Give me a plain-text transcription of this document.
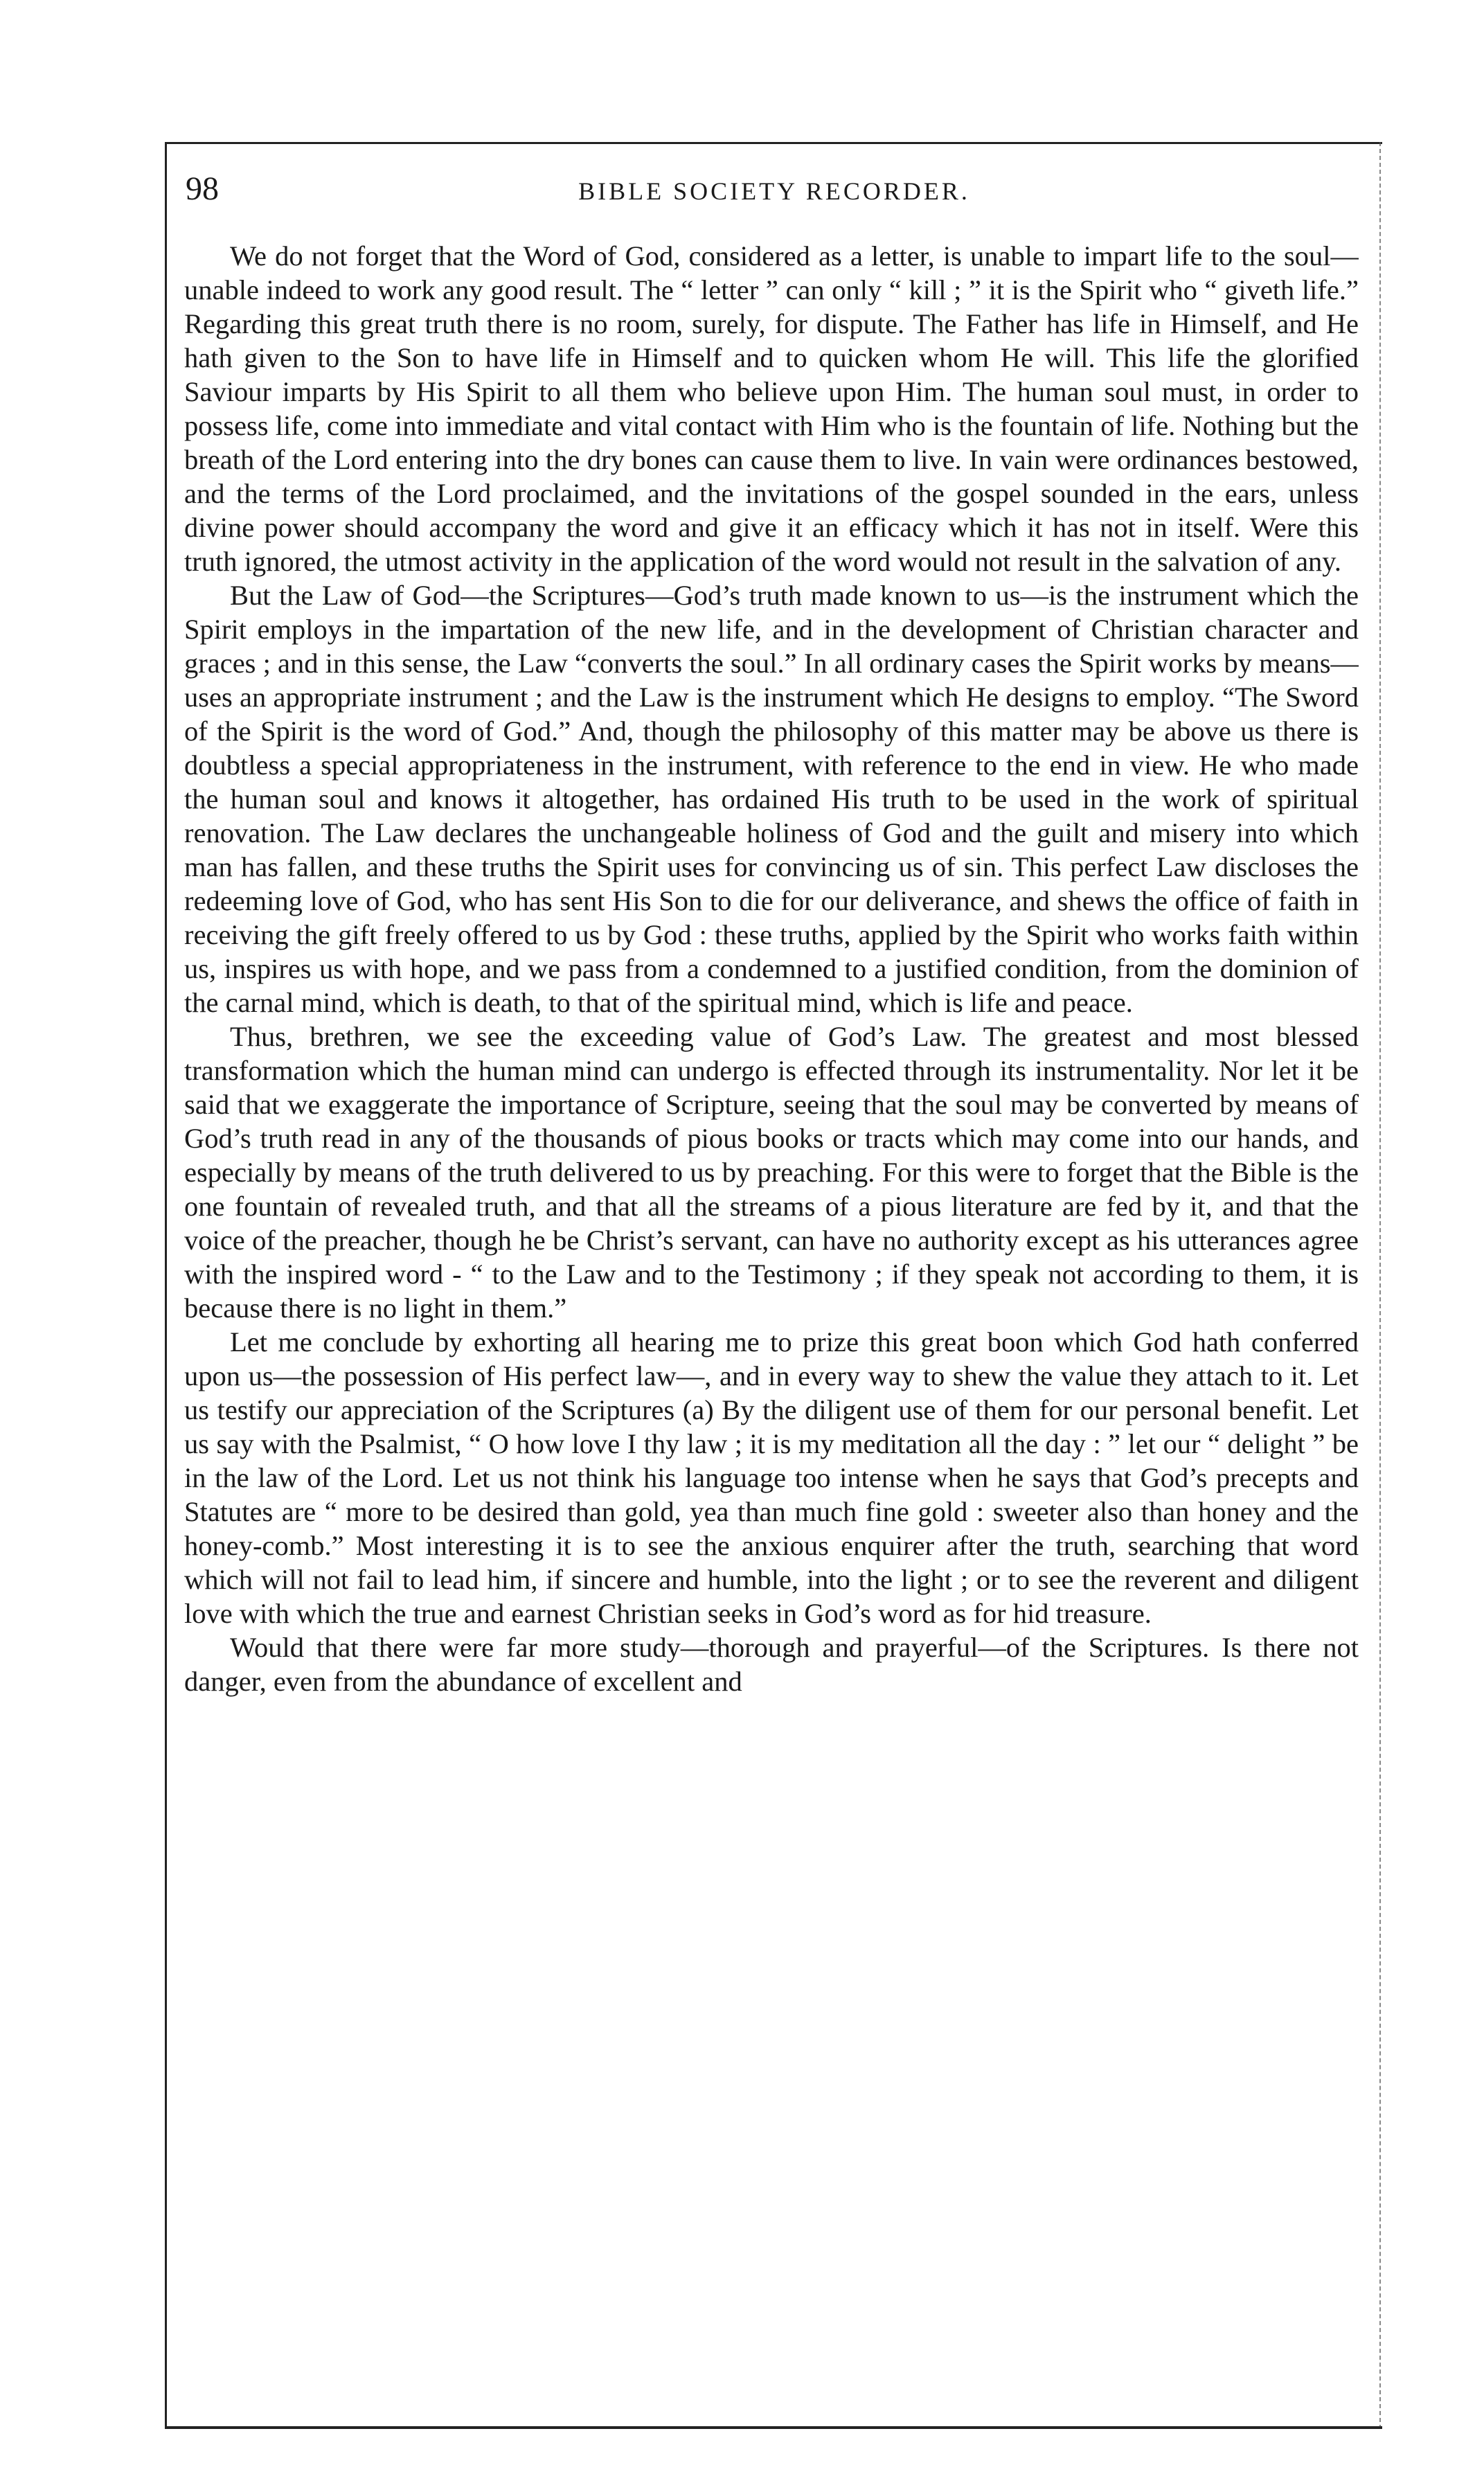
98	BIBLE SOCIETY RECORDER.

We do not forget that the Word of God, considered as a letter, is unable to impart life to the soul—unable indeed to work any good result. The “ letter ” can only “ kill ; ” it is the Spirit who “ giveth life.” Regarding this great truth there is no room, surely, for dispute. The Father has life in Himself, and He hath given to the Son to have life in Himself and to quicken whom He will. This life the glorified Saviour imparts by His Spirit to all them who believe upon Him. The human soul must, in order to possess life, come into immediate and vital contact with Him who is the fountain of life. Nothing but the breath of the Lord entering into the dry bones can cause them to live. In vain were ordinances bestowed, and the terms of the Lord proclaimed, and the invitations of the gospel sounded in the ears, unless divine power should accompany the word and give it an efficacy which it has not in itself. Were this truth ignored, the utmost activity in the application of the word would not result in the salvation of any.

But the Law of God—the Scriptures—God’s truth made known to us—is the instrument which the Spirit employs in the impartation of the new life, and in the development of Christian character and graces ; and in this sense, the Law “converts the soul.” In all ordinary cases the Spirit works by means—uses an appropriate instrument ; and the Law is the instrument which He designs to employ. “The Sword of the Spirit is the word of God.” And, though the philosophy of this matter may be above us there is doubtless a special appropriateness in the instrument, with reference to the end in view. He who made the human soul and knows it altogether, has ordained His truth to be used in the work of spiritual renovation. The Law declares the unchangeable holiness of God and the guilt and misery into which man has fallen, and these truths the Spirit uses for convincing us of sin. This perfect Law discloses the redeeming love of God, who has sent His Son to die for our deliverance, and shews the office of faith in receiving the gift freely offered to us by God : these truths, applied by the Spirit who works faith within us, inspires us with hope, and we pass from a condemned to a justified condition, from the dominion of the carnal mind, which is death, to that of the spiritual mind, which is life and peace.

Thus, brethren, we see the exceeding value of God’s Law. The greatest and most blessed transformation which the human mind can undergo is effected through its instrumentality. Nor let it be said that we exaggerate the importance of Scripture, seeing that the soul may be converted by means of God’s truth read in any of the thousands of pious books or tracts which may come into our hands, and especially by means of the truth delivered to us by preaching. For this were to forget that the Bible is the one fountain of revealed truth, and that all the streams of a pious literature are fed by it, and that the voice of the preacher, though he be Christ’s servant, can have no authority except as his utterances agree with the inspired word - “ to the Law and to the Testimony ; if they speak not according to them, it is because there is no light in them.”

Let me conclude by exhorting all hearing me to prize this great boon which God hath conferred upon us—the possession of His perfect law—, and in every way to shew the value they attach to it. Let us testify our appreciation of the Scriptures (a) By the diligent use of them for our personal benefit. Let us say with the Psalmist, “ O how love I thy law ; it is my meditation all the day : ” let our “ delight ” be in the law of the Lord. Let us not think his language too intense when he says that God’s precepts and Statutes are “ more to be desired than gold, yea than much fine gold : sweeter also than honey and the honey-comb.” Most interesting it is to see the anxious enquirer after the truth, searching that word which will not fail to lead him, if sincere and humble, into the light ; or to see the reverent and diligent love with which the true and earnest Christian seeks in God’s word as for hid treasure.

Would that there were far more study—thorough and prayerful—of the Scriptures. Is there not danger, even from the abundance of excellent and
